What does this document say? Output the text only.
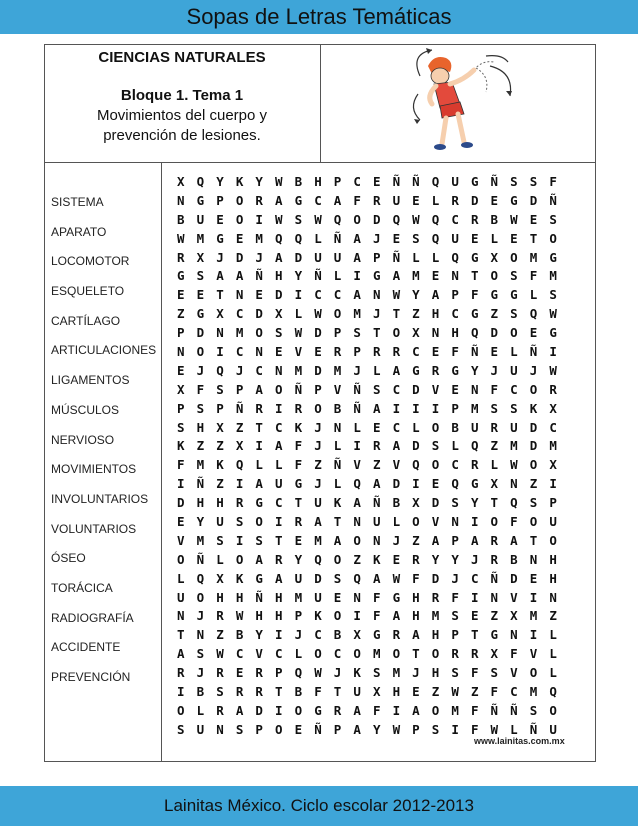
Sopas de Letras Temáticas
CIENCIAS NATURALES
Bloque 1. Tema 1
Movimientos del cuerpo y
prevención de lesiones.
SISTEMA
APARATO
LOCOMOTOR
ESQUELETO
CARTÍLAGO
ARTICULACIONES
LIGAMENTOS
MÚSCULOS
NERVIOSO
MOVIMIENTOS
INVOLUNTARIOS
VOLUNTARIOS
ÓSEO
TORÁCICA
RADIOGRAFÍA
ACCIDENTE
PREVENCIÓN
X Q Y K Y W B H P C E Ñ Ñ Q U G Ñ S S F
N G P O R A G C A F R U E L R D E G D Ñ
B U E O I W S W Q O D Q W Q C R B W E S
W M G E M Q Q L Ñ A J E S Q U E L E T O
R X J D J A D U U A P Ñ L L Q G X O M G
G S A A Ñ H Y Ñ L I G A M E N T O S F M
E E T N E D I C C A N W Y A P F G G L S
Z G X C D X L W O M J T Z H C G Z S Q W
P D N M O S W D P S T O X N H Q D O E G
N O I C N E V E R P R R C E F Ñ E L Ñ I
E J Q J C N M D M J L A G R G Y J U J W
X F S P A O Ñ P V Ñ S C D V E N F C O R
P S P Ñ R I R O B Ñ A I I I P M S S K X
S H X Z T C K J N L E C L O B U R U D C
K Z Z X I A F J L I R A D S L Q Z M D M
F M K Q L L F Z Ñ V Z V Q O C R L W O X
I Ñ Z I A U G J L Q A D I E Q G X N Z I
D H H R G C T U K A Ñ B X D S Y T Q S P
E Y U S O I R A T N U L O V N I O F O U
V M S I S T E M A O N J Z A P A R A T O
O Ñ L O A R Y Q O Z K E R Y Y J R B N H
L Q X K G A U D S Q A W F D J C Ñ D E H
U O H H Ñ H M U E N F G H R F I N V I N
N J R W H H P K O I F A H M S E Z X M Z
T N Z B Y I J C B X G R A H P T G N I L
A S W C V C L O C O M O T O R R X F V L
R J R E R P Q W J K S M J H S F S V O L
I B S R R T B F T U X H E Z W Z F C M Q
O L R A D I O G R A F I A O M F Ñ Ñ S O
S U N S P O E Ñ P A Y W P S I F W L Ñ U
www.lainitas.com.mx
Lainitas México. Ciclo escolar 2012-2013
